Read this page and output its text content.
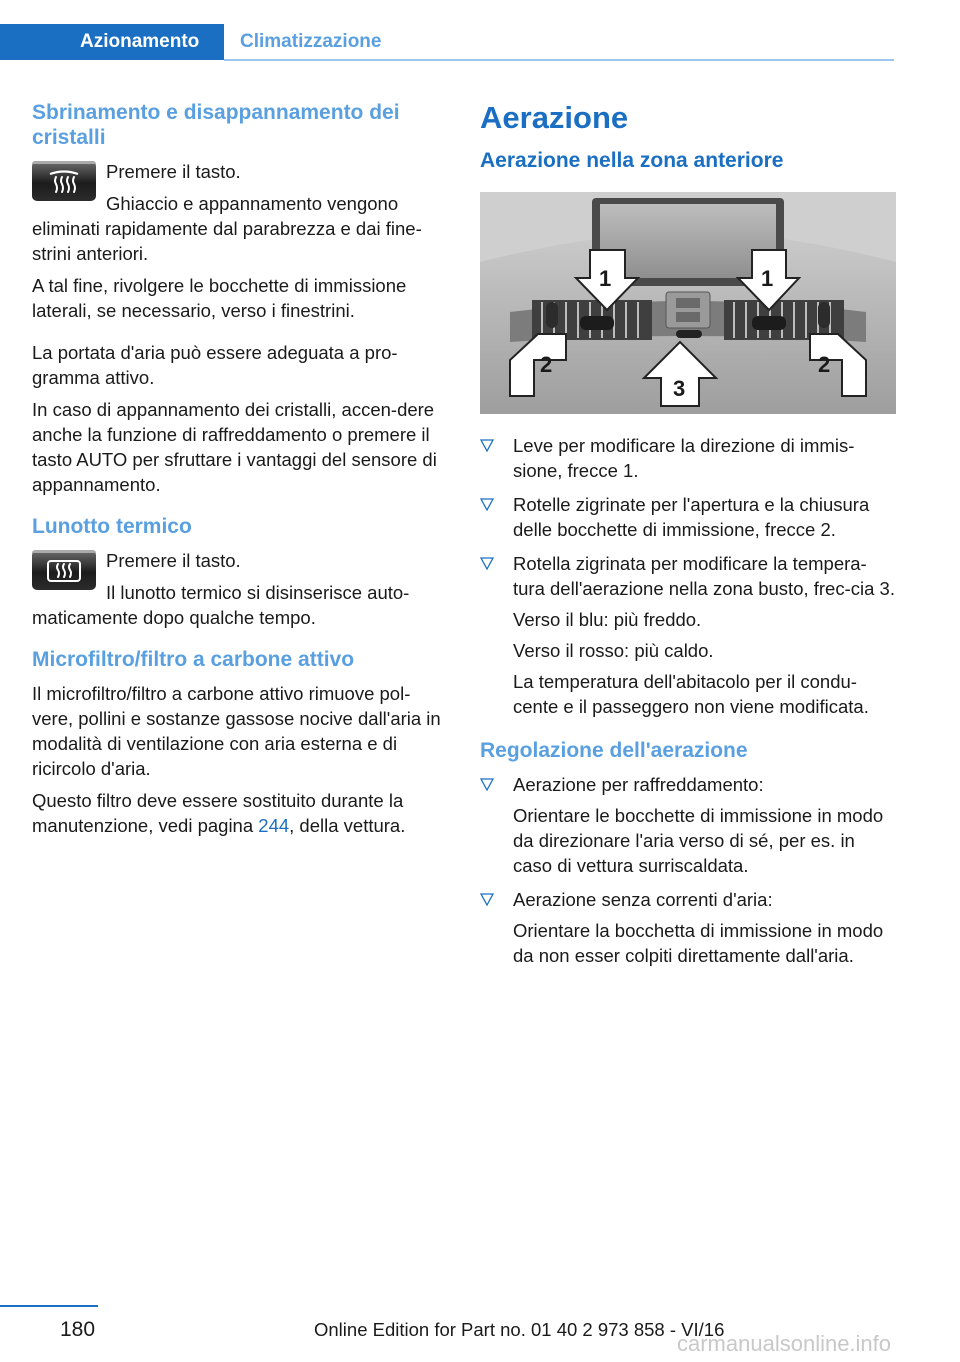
Azionamento	Climatizzazione
Sbrinamento e disappannamento dei cristalli

Premere il tasto.

Ghiaccio e appannamento vengono eliminati rapidamente dal parabrezza e dai fine‐strini anteriori.

A tal fine, rivolgere le bocchette di immissione laterali, se necessario, verso i finestrini.

La portata d'aria può essere adeguata a pro‐gramma attivo.

In caso di appannamento dei cristalli, accen‐dere anche la funzione di raffreddamento o premere il tasto AUTO per sfruttare i vantaggi del sensore di appannamento.

Lunotto termico

Premere il tasto.

Il lunotto termico si disinserisce auto‐maticamente dopo qualche tempo.

Microfiltro/filtro a carbone attivo

Il microfiltro/filtro a carbone attivo rimuove pol‐vere, pollini e sostanze gassose nocive dall'aria in modalità di ventilazione con aria esterna e di ricircolo d'aria.

Questo filtro deve essere sostituito durante la manutenzione, vedi pagina 244, della vettura.

Aerazione
Aerazione nella zona anteriore
1	1
2
3
2

Leve per modificare la direzione di immis‐sione, frecce 1.

Rotelle zigrinate per l'apertura e la chiusura delle bocchette di immissione, frecce 2.

Rotella zigrinata per modificare la tempera‐tura dell'aerazione nella zona busto, frec‐cia 3.

Verso il blu: più freddo.

Verso il rosso: più caldo.

La temperatura dell'abitacolo per il condu‐cente e il passeggero non viene modificata.

Regolazione dell'aerazione

Aerazione per raffreddamento:

Orientare le bocchette di immissione in modo da direzionare l'aria verso di sé, per es. in caso di vettura surriscaldata.

Aerazione senza correnti d'aria:

Orientare la bocchetta di immissione in modo da non esser colpiti direttamente dall'aria.

180	Online Edition for Part no. 01 40 2 973 858 - VI/16
carmanualsonline.info
